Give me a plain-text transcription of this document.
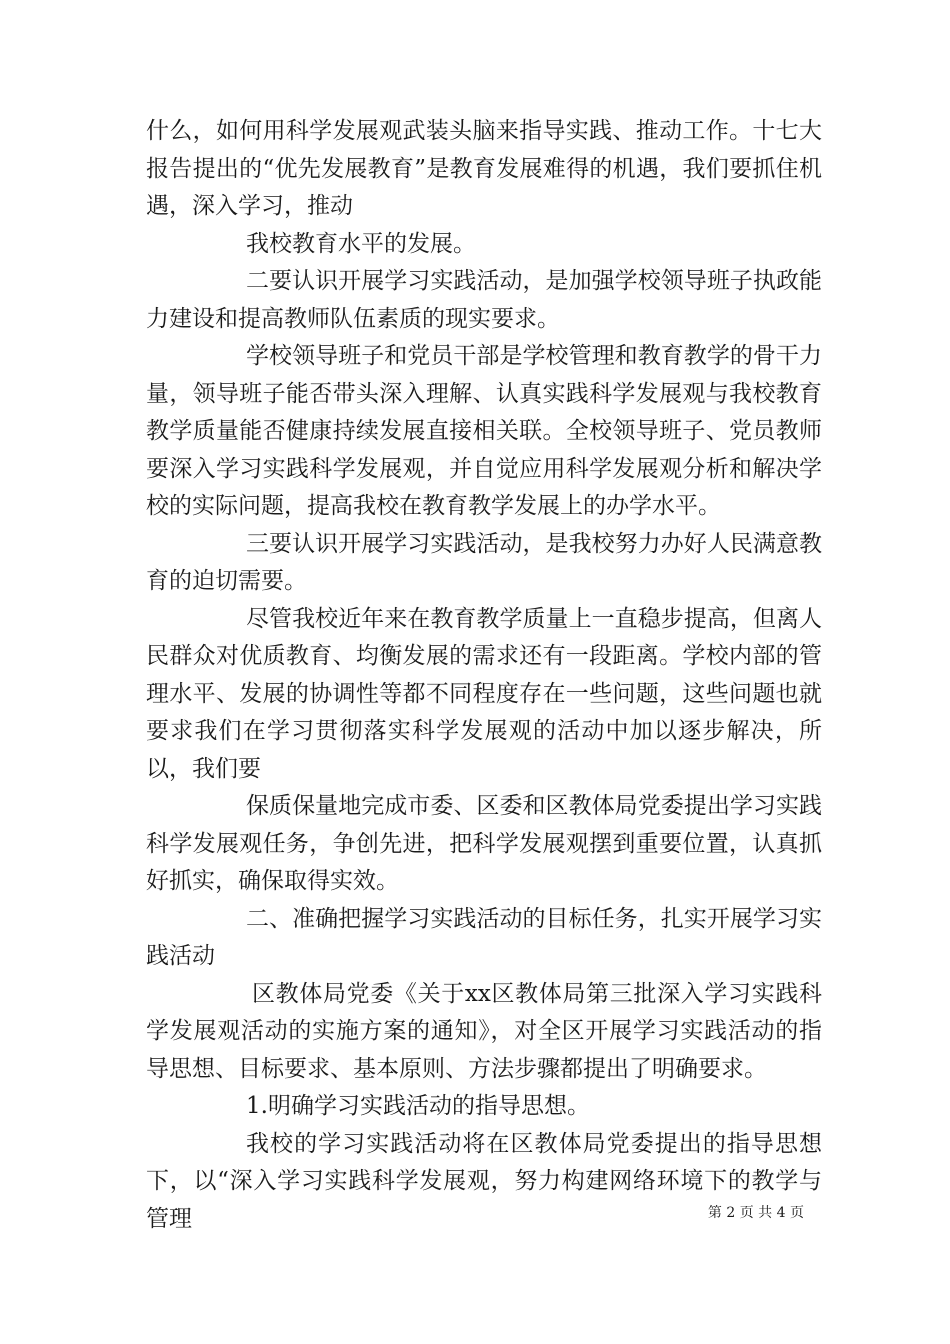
什么，如何用科学发展观武装头脑来指导实践、推动工作。十七大报告提出的“优先发展教育”是教育发展难得的机遇，我们要抓住机遇，深入学习，推动

我校教育水平的发展。

二要认识开展学习实践活动，是加强学校领导班子执政能力建设和提高教师队伍素质的现实要求。

学校领导班子和党员干部是学校管理和教育教学的骨干力量，领导班子能否带头深入理解、认真实践科学发展观与我校教育教学质量能否健康持续发展直接相关联。全校领导班子、党员教师要深入学习实践科学发展观，并自觉应用科学发展观分析和解决学校的实际问题，提高我校在教育教学发展上的办学水平。

三要认识开展学习实践活动，是我校努力办好人民满意教育的迫切需要。

尽管我校近年来在教育教学质量上一直稳步提高，但离人民群众对优质教育、均衡发展的需求还有一段距离。学校内部的管理水平、发展的协调性等都不同程度存在一些问题，这些问题也就要求我们在学习贯彻落实科学发展观的活动中加以逐步解决，所以，我们要

保质保量地完成市委、区委和区教体局党委提出学习实践科学发展观任务，争创先进，把科学发展观摆到重要位置，认真抓好抓实，确保取得实效。

二、准确把握学习实践活动的目标任务，扎实开展学习实践活动

区教体局党委《关于xx区教体局第三批深入学习实践科学发展观活动的实施方案的通知》，对全区开展学习实践活动的指导思想、目标要求、基本原则、方法步骤都提出了明确要求。

1.明确学习实践活动的指导思想。

我校的学习实践活动将在区教体局党委提出的指导思想下，以“深入学习实践科学发展观，努力构建网络环境下的教学与管理	第 2 页 共 4 页
